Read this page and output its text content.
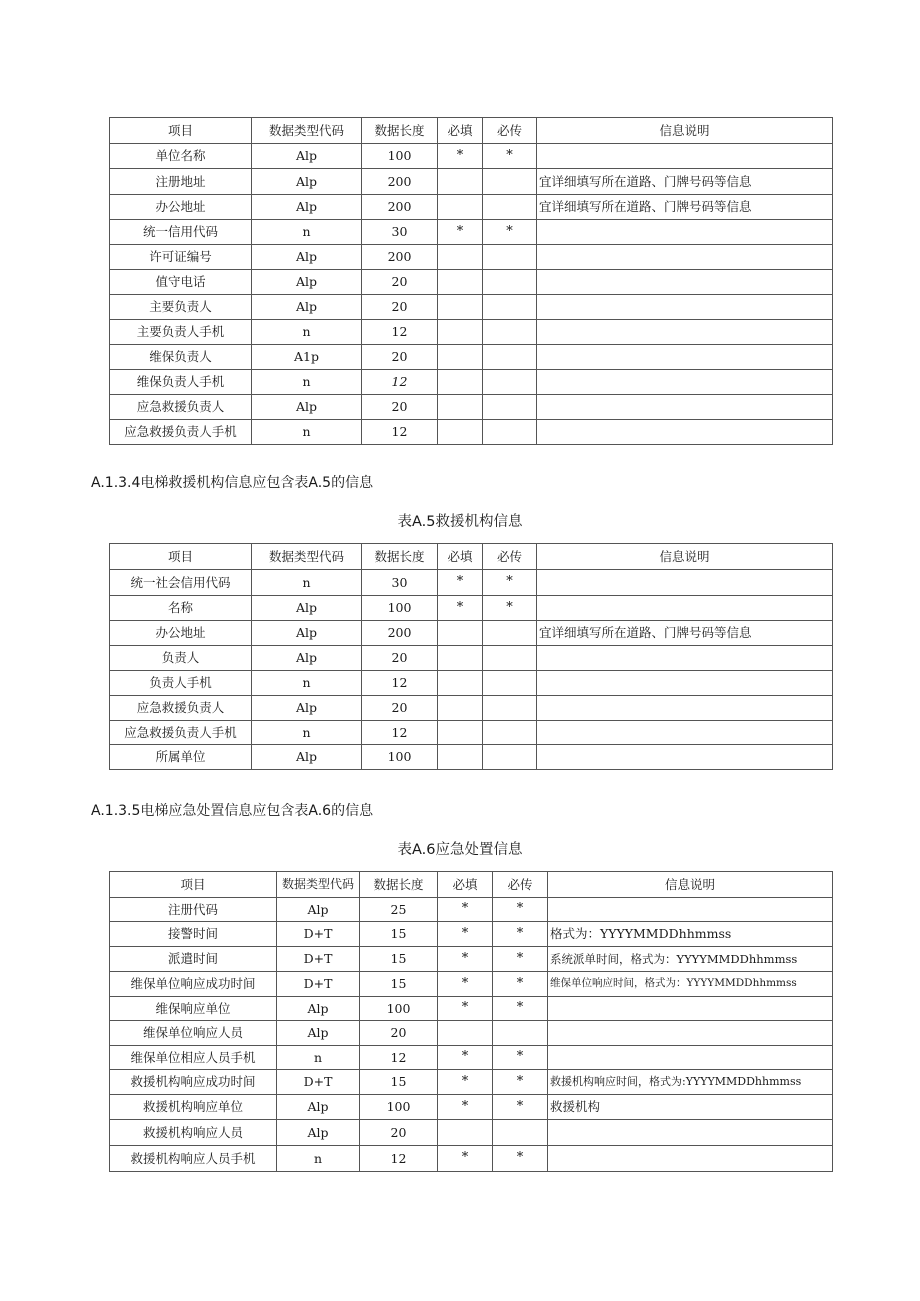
项目	数据类型代码	数据长度	必填	必传	信息说明
单位名称	Alp	100	*	*	
注册地址	Alp	200			宜详细填写所在道路、门牌号码等信息
办公地址	Alp	200			宜详细填写所在道路、门牌号码等信息
统一信用代码	n	30	*	*	
许可证编号	Alp	200			
值守电话	Alp	20			
主要负责人	Alp	20			
主要负责人手机	n	12			
维保负责人	A1p	20			
维保负责人手机	n	12			
应急救援负责人	Alp	20			
应急救援负责人手机	n	12			
A.1.3.4电梯救援机构信息应包含表A.5的信息
表A.5救援机构信息
项目	数据类型代码	数据长度	必填	必传	信息说明
统一社会信用代码	n	30	*	*	
名称	Alp	100	*	*	
办公地址	Alp	200			宜详细填写所在道路、门牌号码等信息
负责人	Alp	20			
负责人手机	n	12			
应急救援负责人	Alp	20			
应急救援负责人手机	n	12			
所属单位	Alp	100			
A.1.3.5电梯应急处置信息应包含表A.6的信息
表A.6应急处置信息
项目	数据类型代码	数据长度	必填	必传	信息说明
注册代码	Alp	25	*	*	
接警时间	D+T	15	*	*	格式为：YYYYMMDDhhmmss
派遣时间	D+T	15	*	*	系统派单时间，格式为：YYYYMMDDhhmmss
维保单位响应成功时间	D+T	15	*	*	维保单位响应时间，格式为：YYYYMMDDhhmmss
维保响应单位	Alp	100	*	*	
维保单位响应人员	Alp	20			
维保单位相应人员手机	n	12	*	*	
救援机构响应成功时间	D+T	15	*	*	救援机构响应时间，格式为:YYYYMMDDhhmmss
救援机构响应单位	Alp	100	*	*	救援机构
救援机构响应人员	Alp	20			
救援机构响应人员手机	n	12	*	*	
